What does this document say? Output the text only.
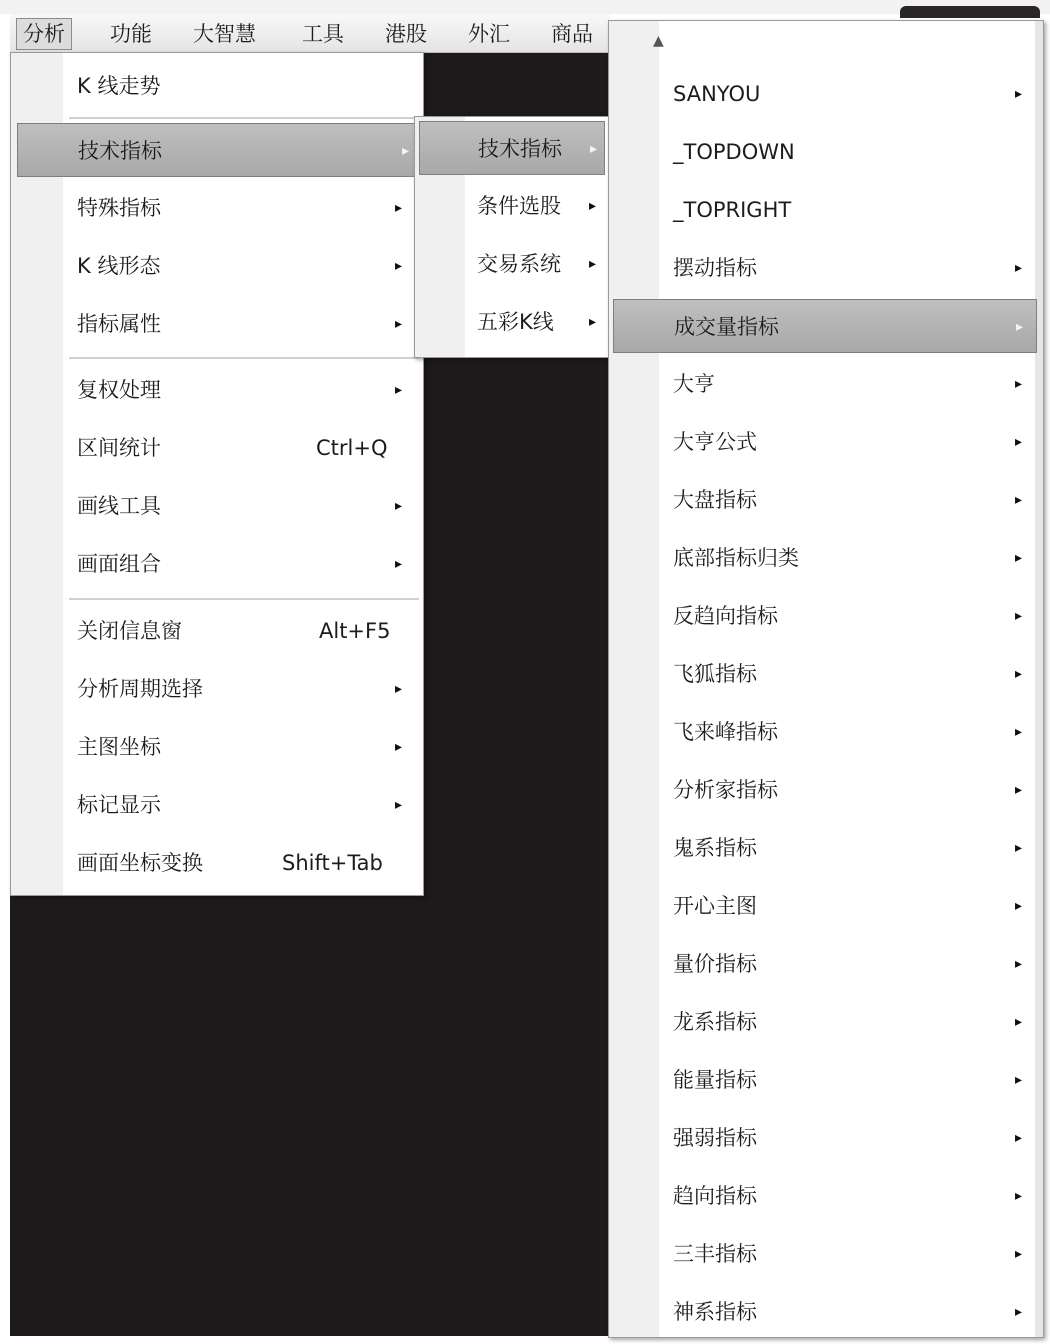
分析	功能 大智慧 工具 港股 外汇 商品
K 线走势
技术指标	▸
特殊指标	▸
K 线形态	▸
指标属性	▸
复权处理	▸
区间统计	Ctrl+Q
画线工具	▸
画面组合	▸
关闭信息窗	Alt+F5
分析周期选择	▸
主图坐标	▸
标记显示	▸
画面坐标变换	Shift+Tab
技术指标 ▸
条件选股 ▸
交易系统 ▸
五彩K线	▸
▲
SANYOU	▸
_TOPDOWN
_TOPRIGHT
摆动指标	▸
成交量指标	▸
大亨	▸
大亨公式	▸
大盘指标	▸
底部指标归类	▸
反趋向指标	▸
飞狐指标	▸
飞来峰指标	▸
分析家指标	▸
鬼系指标	▸
开心主图	▸
量价指标	▸
龙系指标	▸
能量指标	▸
强弱指标	▸
趋向指标	▸
三丰指标	▸
神系指标	▸
